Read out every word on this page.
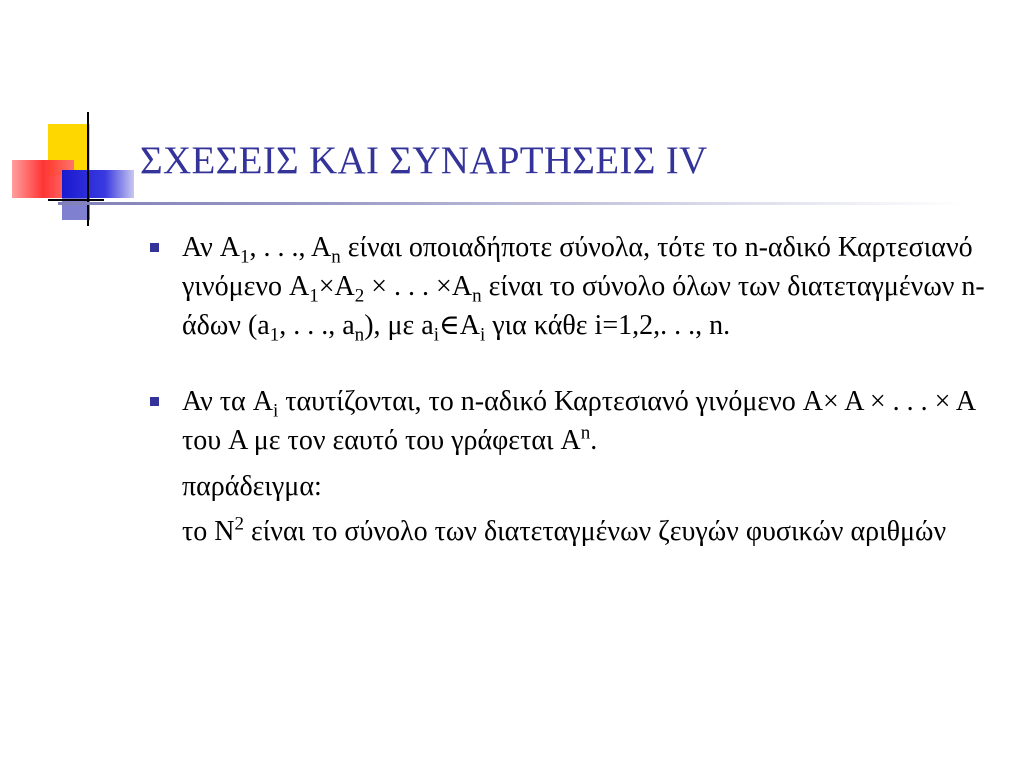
ΣΧΕΣΕΙΣ ΚΑΙ ΣΥΝΑΡΤΗΣΕΙΣ IV
Αν $A_1$, . . ., $A_n$ είναι οποιαδήποτε σύνολα, τότε το n-αδικό Καρτεσιανό γινόμενο $A_1\times A_2$ × . . . $\times A_n$ είναι το σύνολο όλων των διατεταγμένων n-άδων ($a_1$, . . ., $a_n$), με $a_i\in A_i$ για κάθε i=1,2,. . ., n.
Αν τα $A_i$ ταυτίζονται, το n-αδικό Καρτεσιανό γινόμενο A× A × . . . × A του A με τον εαυτό του γράφεται $A^n$.
παράδειγμα:
το $N^2$ είναι το σύνολο των διατεταγμένων ζευγών φυσικών αριθμών
